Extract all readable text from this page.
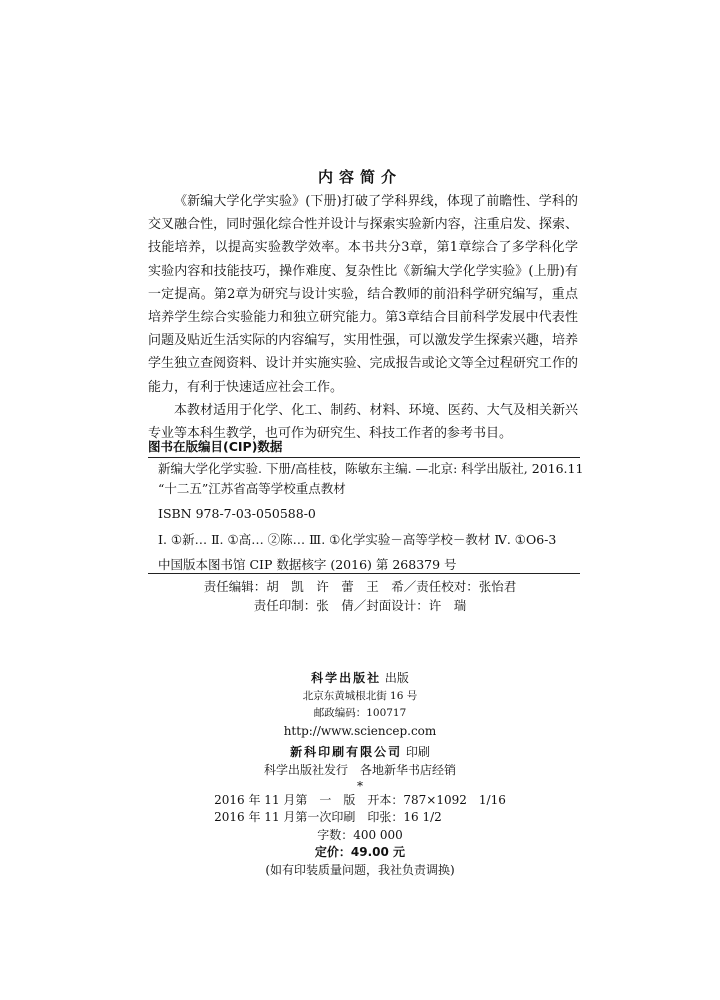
内容简介

《新编大学化学实验》(下册)打破了学科界线，体现了前瞻性、学科的交叉融合性，同时强化综合性并设计与探索实验新内容，注重启发、探索、技能培养，以提高实验教学效率。本书共分3章，第1章综合了多学科化学实验内容和技能技巧，操作难度、复杂性比《新编大学化学实验》(上册)有一定提高。第2章为研究与设计实验，结合教师的前沿科学研究编写，重点培养学生综合实验能力和独立研究能力。第3章结合目前科学发展中代表性问题及贴近生活实际的内容编写，实用性强，可以激发学生探索兴趣，培养学生独立查阅资料、设计并实施实验、完成报告或论文等全过程研究工作的能力，有利于快速适应社会工作。

本教材适用于化学、化工、制药、材料、环境、医药、大气及相关新兴专业等本科生教学，也可作为研究生、科技工作者的参考书目。

图书在版编目(CIP)数据
新编大学化学实验. 下册/高桂枝，陈敏东主编. —北京: 科学出版社, 2016.11
“十二五”江苏省高等学校重点教材
ISBN 978-7-03-050588-0
Ⅰ. ①新… Ⅱ. ①高… ②陈… Ⅲ. ①化学实验－高等学校－教材 Ⅳ. ①O6-3
中国版本图书馆 CIP 数据核字 (2016) 第 268379 号
责任编辑：胡　凯　许　蕾　王　希／责任校对：张怡君
责任印制：张　倩／封面设计：许　瑞
科学出版社 出版
北京东黄城根北街 16 号
邮政编码：100717
http://www.sciencep.com
新科印刷有限公司 印刷
科学出版社发行　各地新华书店经销
*
2016 年 11 月第　一　版　开本：787×1092　1/16
2016 年 11 月第一次印刷　印张：16 1/2
字数：400 000
定价：49.00 元
(如有印装质量问题，我社负责调换)
